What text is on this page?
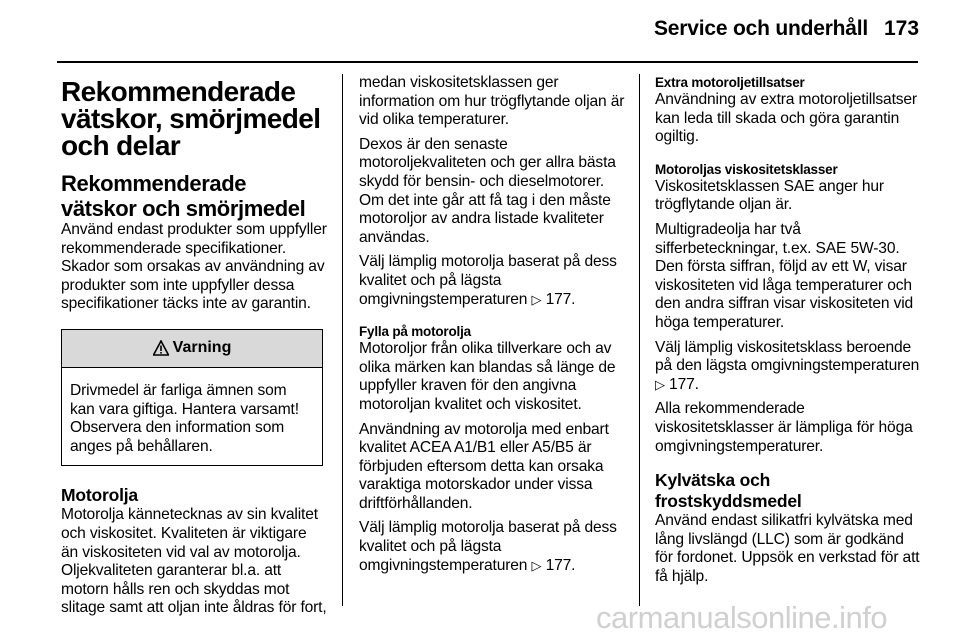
Service och underhåll 173
Rekommenderade vätskor, smörjmedel och delar
Rekommenderade vätskor och smörjmedel

Använd endast produkter som uppfyller rekommenderade specifikationer. Skador som orsakas av användning av produkter som inte uppfyller dessa specifikationer täcks inte av garantin.

Varning

Drivmedel är farliga ämnen som kan vara giftiga. Hantera varsamt! Observera den information som anges på behållaren.

Motorolja

Motorolja kännetecknas av sin kvalitet och viskositet. Kvaliteten är viktigare än viskositeten vid val av motorolja. Oljekvaliteten garanterar bl.a. att motorn hålls ren och skyddas mot slitage samt att oljan inte åldras för fort,

medan viskositetsklassen ger information om hur trögflytande oljan är vid olika temperaturer.

Dexos är den senaste motoroljekvaliteten och ger allra bästa skydd för bensin- och dieselmotorer. Om det inte går att få tag i den måste motoroljor av andra listade kvaliteter användas.

Välj lämplig motorolja baserat på dess kvalitet och på lägsta omgivningstemperaturen ▷ 177.

Fylla på motorolja

Motoroljor från olika tillverkare och av olika märken kan blandas så länge de uppfyller kraven för den angivna motoroljan kvalitet och viskositet.

Användning av motorolja med enbart kvalitet ACEA A1/B1 eller A5/B5 är förbjuden eftersom detta kan orsaka varaktiga motorskador under vissa driftförhållanden.

Välj lämplig motorolja baserat på dess kvalitet och på lägsta omgivningstemperaturen ▷ 177.

Extra motoroljetillsatser

Användning av extra motoroljetillsatser kan leda till skada och göra garantin ogiltig.

Motoroljas viskositetsklasser

Viskositetsklassen SAE anger hur trögflytande oljan är.

Multigradeolja har två sifferbeteckningar, t.ex. SAE 5W-30. Den första siffran, följd av ett W, visar viskositeten vid låga temperaturer och den andra siffran visar viskositeten vid höga temperaturer.

Välj lämplig viskositetsklass beroende på den lägsta omgivningstemperaturen ▷ 177.

Alla rekommenderade viskositetsklasser är lämpliga för höga omgivningstemperaturer.

Kylvätska och frostskyddsmedel

Använd endast silikatfri kylvätska med lång livslängd (LLC) som är godkänd för fordonet. Uppsök en verkstad för att få hjälp.

carmanualsonline.info
